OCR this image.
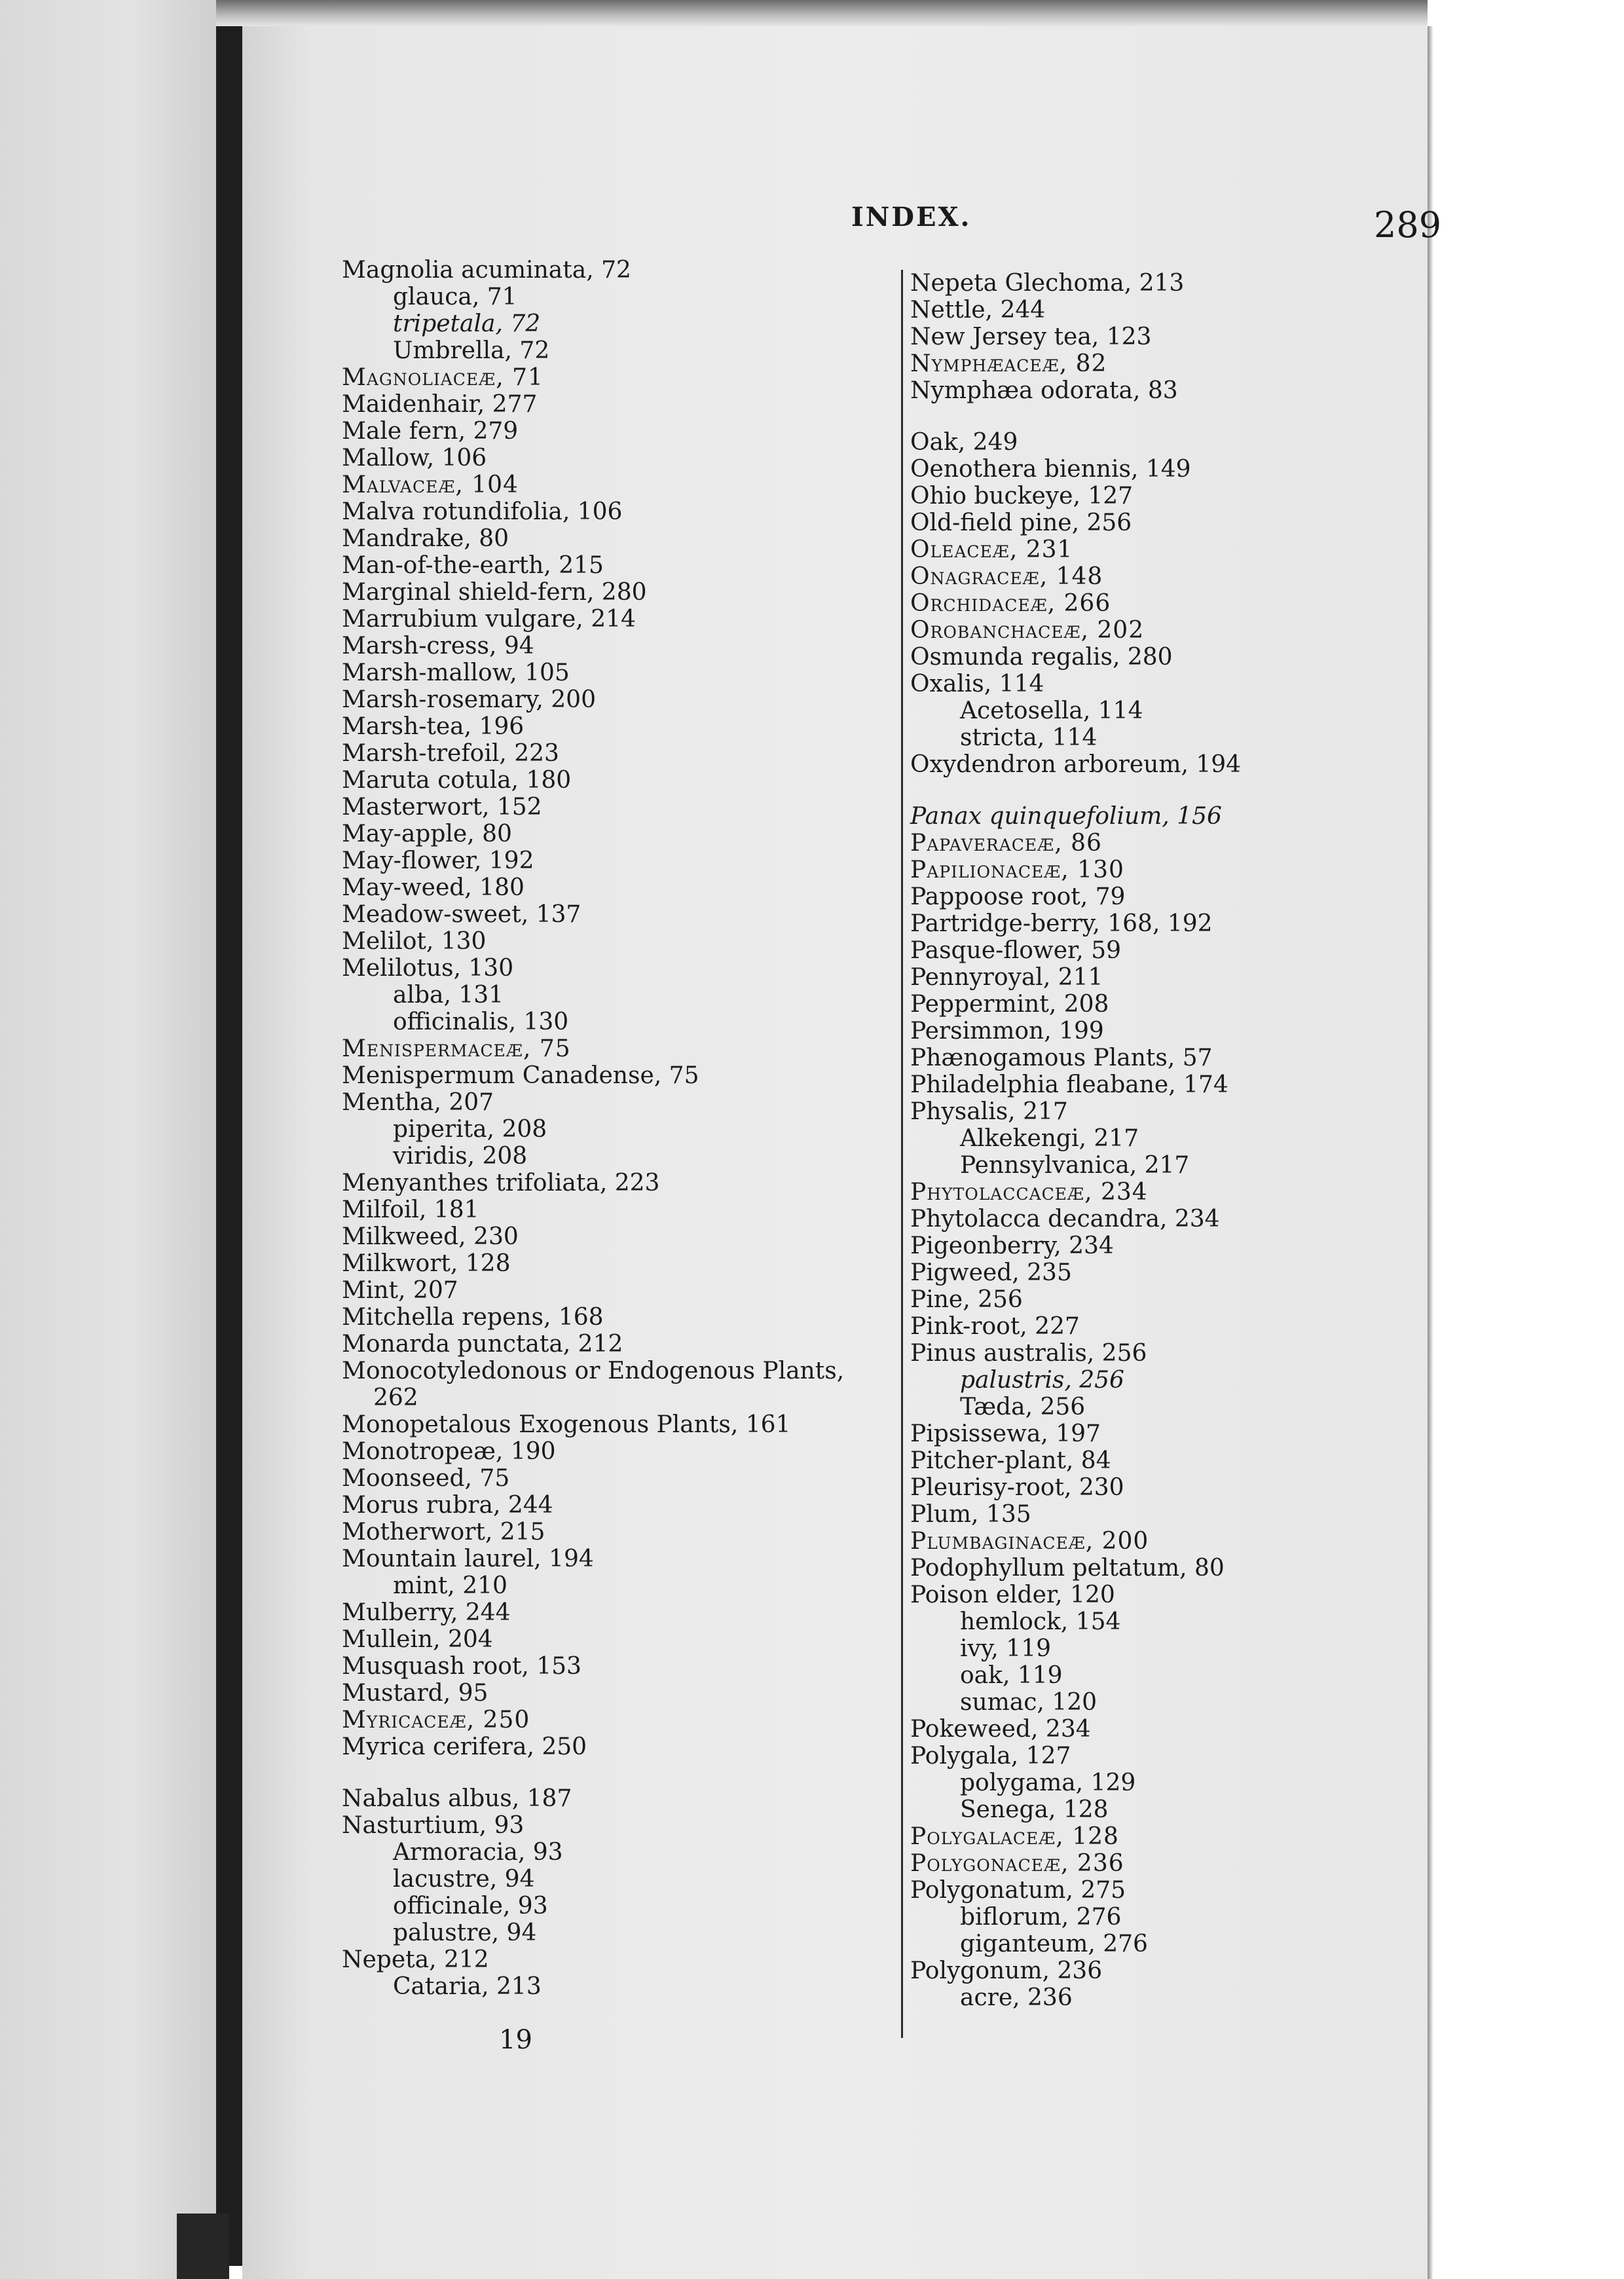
INDEX.	289
Magnolia acuminata, 72
glauca, 71
tripetala, 72
Umbrella, 72
Magnoliaceæ, 71
Maidenhair, 277
Male fern, 279
Mallow, 106
Malvaceæ, 104
Malva rotundifolia, 106
Mandrake, 80
Man-of-the-earth, 215
Marginal shield-fern, 280
Marrubium vulgare, 214
Marsh-cress, 94
Marsh-mallow, 105
Marsh-rosemary, 200
Marsh-tea, 196
Marsh-trefoil, 223
Maruta cotula, 180
Masterwort, 152
May-apple, 80
May-flower, 192
May-weed, 180
Meadow-sweet, 137
Melilot, 130
Melilotus, 130
alba, 131
officinalis, 130
Menispermaceæ, 75
Menispermum Canadense, 75
Mentha, 207
piperita, 208
viridis, 208
Menyanthes trifoliata, 223
Milfoil, 181
Milkweed, 230
Milkwort, 128
Mint, 207
Mitchella repens, 168
Monarda punctata, 212
Monocotyledonous or Endogenous Plants,
262
Monopetalous Exogenous Plants, 161
Monotropeæ, 190
Moonseed, 75
Morus rubra, 244
Motherwort, 215
Mountain laurel, 194
mint, 210
Mulberry, 244
Mullein, 204
Musquash root, 153
Mustard, 95
Myricaceæ, 250
Myrica cerifera, 250
Nabalus albus, 187
Nasturtium, 93
Armoracia, 93
lacustre, 94
officinale, 93
palustre, 94
Nepeta, 212
Cataria, 213
Nepeta Glechoma, 213
Nettle, 244
New Jersey tea, 123
Nymphæaceæ, 82
Nymphæa odorata, 83
Oak, 249
Oenothera biennis, 149
Ohio buckeye, 127
Old-field pine, 256
Oleaceæ, 231
Onagraceæ, 148
Orchidaceæ, 266
Orobanchaceæ, 202
Osmunda regalis, 280
Oxalis, 114
Acetosella, 114
stricta, 114
Oxydendron arboreum, 194
Panax quinquefolium, 156
Papaveraceæ, 86
Papilionaceæ, 130
Pappoose root, 79
Partridge-berry, 168, 192
Pasque-flower, 59
Pennyroyal, 211
Peppermint, 208
Persimmon, 199
Phænogamous Plants, 57
Philadelphia fleabane, 174
Physalis, 217
Alkekengi, 217
Pennsylvanica, 217
Phytolaccaceæ, 234
Phytolacca decandra, 234
Pigeonberry, 234
Pigweed, 235
Pine, 256
Pink-root, 227
Pinus australis, 256
palustris, 256
Tæda, 256
Pipsissewa, 197
Pitcher-plant, 84
Pleurisy-root, 230
Plum, 135
Plumbaginaceæ, 200
Podophyllum peltatum, 80
Poison elder, 120
hemlock, 154
ivy, 119
oak, 119
sumac, 120
Pokeweed, 234
Polygala, 127
polygama, 129
Senega, 128
Polygalaceæ, 128
Polygonaceæ, 236
Polygonatum, 275
biflorum, 276
giganteum, 276
Polygonum, 236
acre, 236
19
